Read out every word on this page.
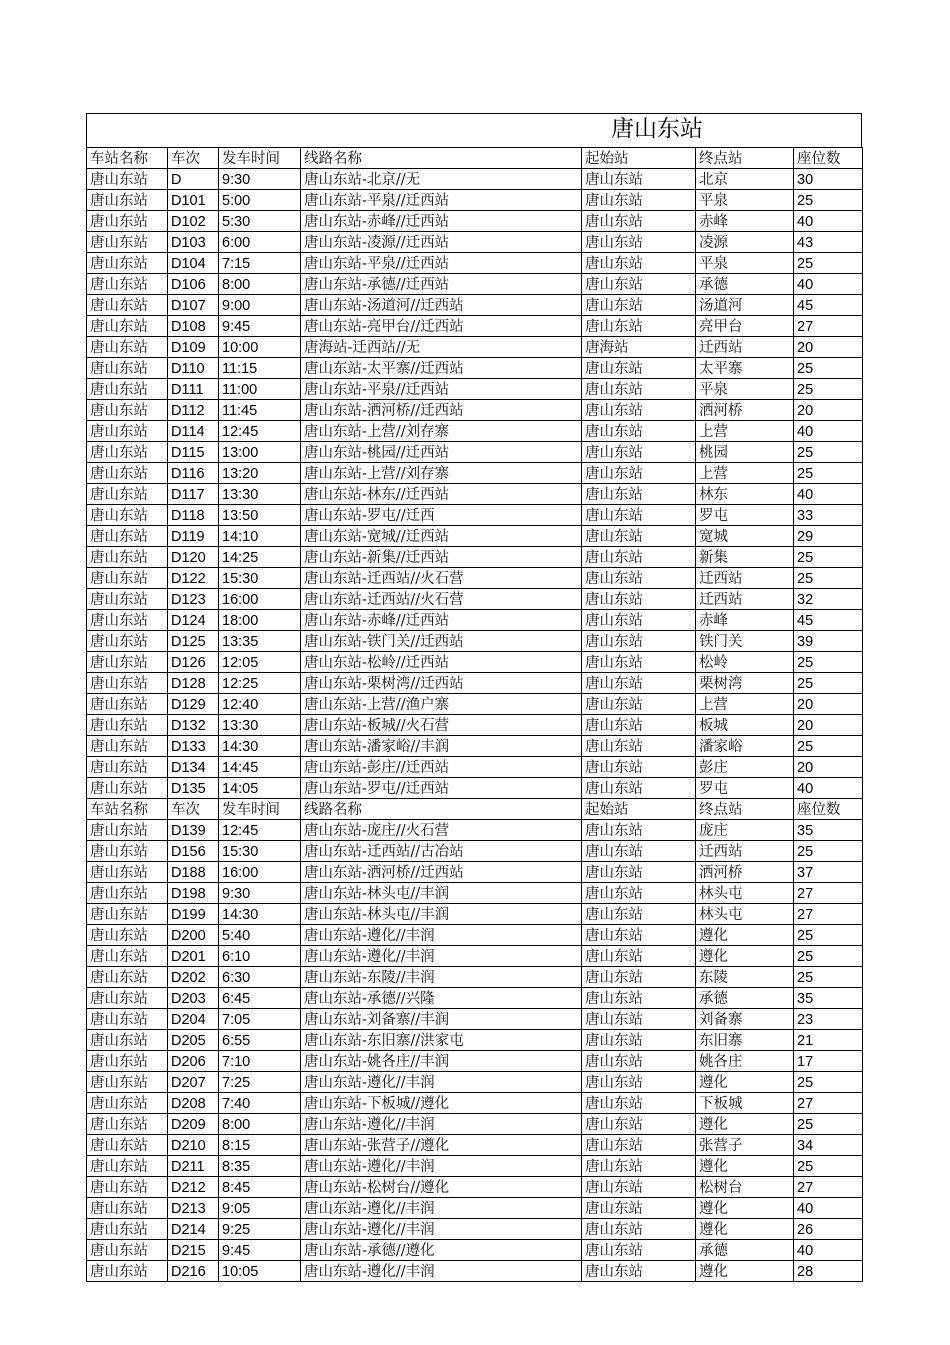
唐山东站
车站名称	车次	发车时间	线路名称	起始站	终点站	座位数
唐山东站	D	9:30	唐山东站-北京//无	唐山东站	北京	30
唐山东站	D101	5:00	唐山东站-平泉//迁西站	唐山东站	平泉	25
唐山东站	D102	5:30	唐山东站-赤峰//迁西站	唐山东站	赤峰	40
唐山东站	D103	6:00	唐山东站-凌源//迁西站	唐山东站	凌源	43
唐山东站	D104	7:15	唐山东站-平泉//迁西站	唐山东站	平泉	25
唐山东站	D106	8:00	唐山东站-承德//迁西站	唐山东站	承德	40
唐山东站	D107	9:00	唐山东站-汤道河//迁西站	唐山东站	汤道河	45
唐山东站	D108	9:45	唐山东站-亮甲台//迁西站	唐山东站	亮甲台	27
唐山东站	D109	10:00	唐海站-迁西站//无	唐海站	迁西站	20
唐山东站	D110	11:15	唐山东站-太平寨//迁西站	唐山东站	太平寨	25
唐山东站	D111	11:00	唐山东站-平泉//迁西站	唐山东站	平泉	25
唐山东站	D112	11:45	唐山东站-洒河桥//迁西站	唐山东站	洒河桥	20
唐山东站	D114	12:45	唐山东站-上营//刘存寨	唐山东站	上营	40
唐山东站	D115	13:00	唐山东站-桃园//迁西站	唐山东站	桃园	25
唐山东站	D116	13:20	唐山东站-上营//刘存寨	唐山东站	上营	25
唐山东站	D117	13:30	唐山东站-林东//迁西站	唐山东站	林东	40
唐山东站	D118	13:50	唐山东站-罗屯//迁西	唐山东站	罗屯	33
唐山东站	D119	14:10	唐山东站-宽城//迁西站	唐山东站	宽城	29
唐山东站	D120	14:25	唐山东站-新集//迁西站	唐山东站	新集	25
唐山东站	D122	15:30	唐山东站-迁西站//火石营	唐山东站	迁西站	25
唐山东站	D123	16:00	唐山东站-迁西站//火石营	唐山东站	迁西站	32
唐山东站	D124	18:00	唐山东站-赤峰//迁西站	唐山东站	赤峰	45
唐山东站	D125	13:35	唐山东站-铁门关//迁西站	唐山东站	铁门关	39
唐山东站	D126	12:05	唐山东站-松岭//迁西站	唐山东站	松岭	25
唐山东站	D128	12:25	唐山东站-栗树湾//迁西站	唐山东站	栗树湾	25
唐山东站	D129	12:40	唐山东站-上营//渔户寨	唐山东站	上营	20
唐山东站	D132	13:30	唐山东站-板城//火石营	唐山东站	板城	20
唐山东站	D133	14:30	唐山东站-潘家峪//丰润	唐山东站	潘家峪	25
唐山东站	D134	14:45	唐山东站-彭庄//迁西站	唐山东站	彭庄	20
唐山东站	D135	14:05	唐山东站-罗屯//迁西站	唐山东站	罗屯	40
车站名称	车次	发车时间	线路名称	起始站	终点站	座位数
唐山东站	D139	12:45	唐山东站-庞庄//火石营	唐山东站	庞庄	35
唐山东站	D156	15:30	唐山东站-迁西站//古冶站	唐山东站	迁西站	25
唐山东站	D188	16:00	唐山东站-洒河桥//迁西站	唐山东站	洒河桥	37
唐山东站	D198	9:30	唐山东站-林头屯//丰润	唐山东站	林头屯	27
唐山东站	D199	14:30	唐山东站-林头屯//丰润	唐山东站	林头屯	27
唐山东站	D200	5:40	唐山东站-遵化//丰润	唐山东站	遵化	25
唐山东站	D201	6:10	唐山东站-遵化//丰润	唐山东站	遵化	25
唐山东站	D202	6:30	唐山东站-东陵//丰润	唐山东站	东陵	25
唐山东站	D203	6:45	唐山东站-承德//兴隆	唐山东站	承德	35
唐山东站	D204	7:05	唐山东站-刘备寨//丰润	唐山东站	刘备寨	23
唐山东站	D205	6:55	唐山东站-东旧寨//洪家屯	唐山东站	东旧寨	21
唐山东站	D206	7:10	唐山东站-姚各庄//丰润	唐山东站	姚各庄	17
唐山东站	D207	7:25	唐山东站-遵化//丰润	唐山东站	遵化	25
唐山东站	D208	7:40	唐山东站-下板城//遵化	唐山东站	下板城	27
唐山东站	D209	8:00	唐山东站-遵化//丰润	唐山东站	遵化	25
唐山东站	D210	8:15	唐山东站-张营子//遵化	唐山东站	张营子	34
唐山东站	D211	8:35	唐山东站-遵化//丰润	唐山东站	遵化	25
唐山东站	D212	8:45	唐山东站-松树台//遵化	唐山东站	松树台	27
唐山东站	D213	9:05	唐山东站-遵化//丰润	唐山东站	遵化	40
唐山东站	D214	9:25	唐山东站-遵化//丰润	唐山东站	遵化	26
唐山东站	D215	9:45	唐山东站-承德//遵化	唐山东站	承德	40
唐山东站	D216	10:05	唐山东站-遵化//丰润	唐山东站	遵化	28
